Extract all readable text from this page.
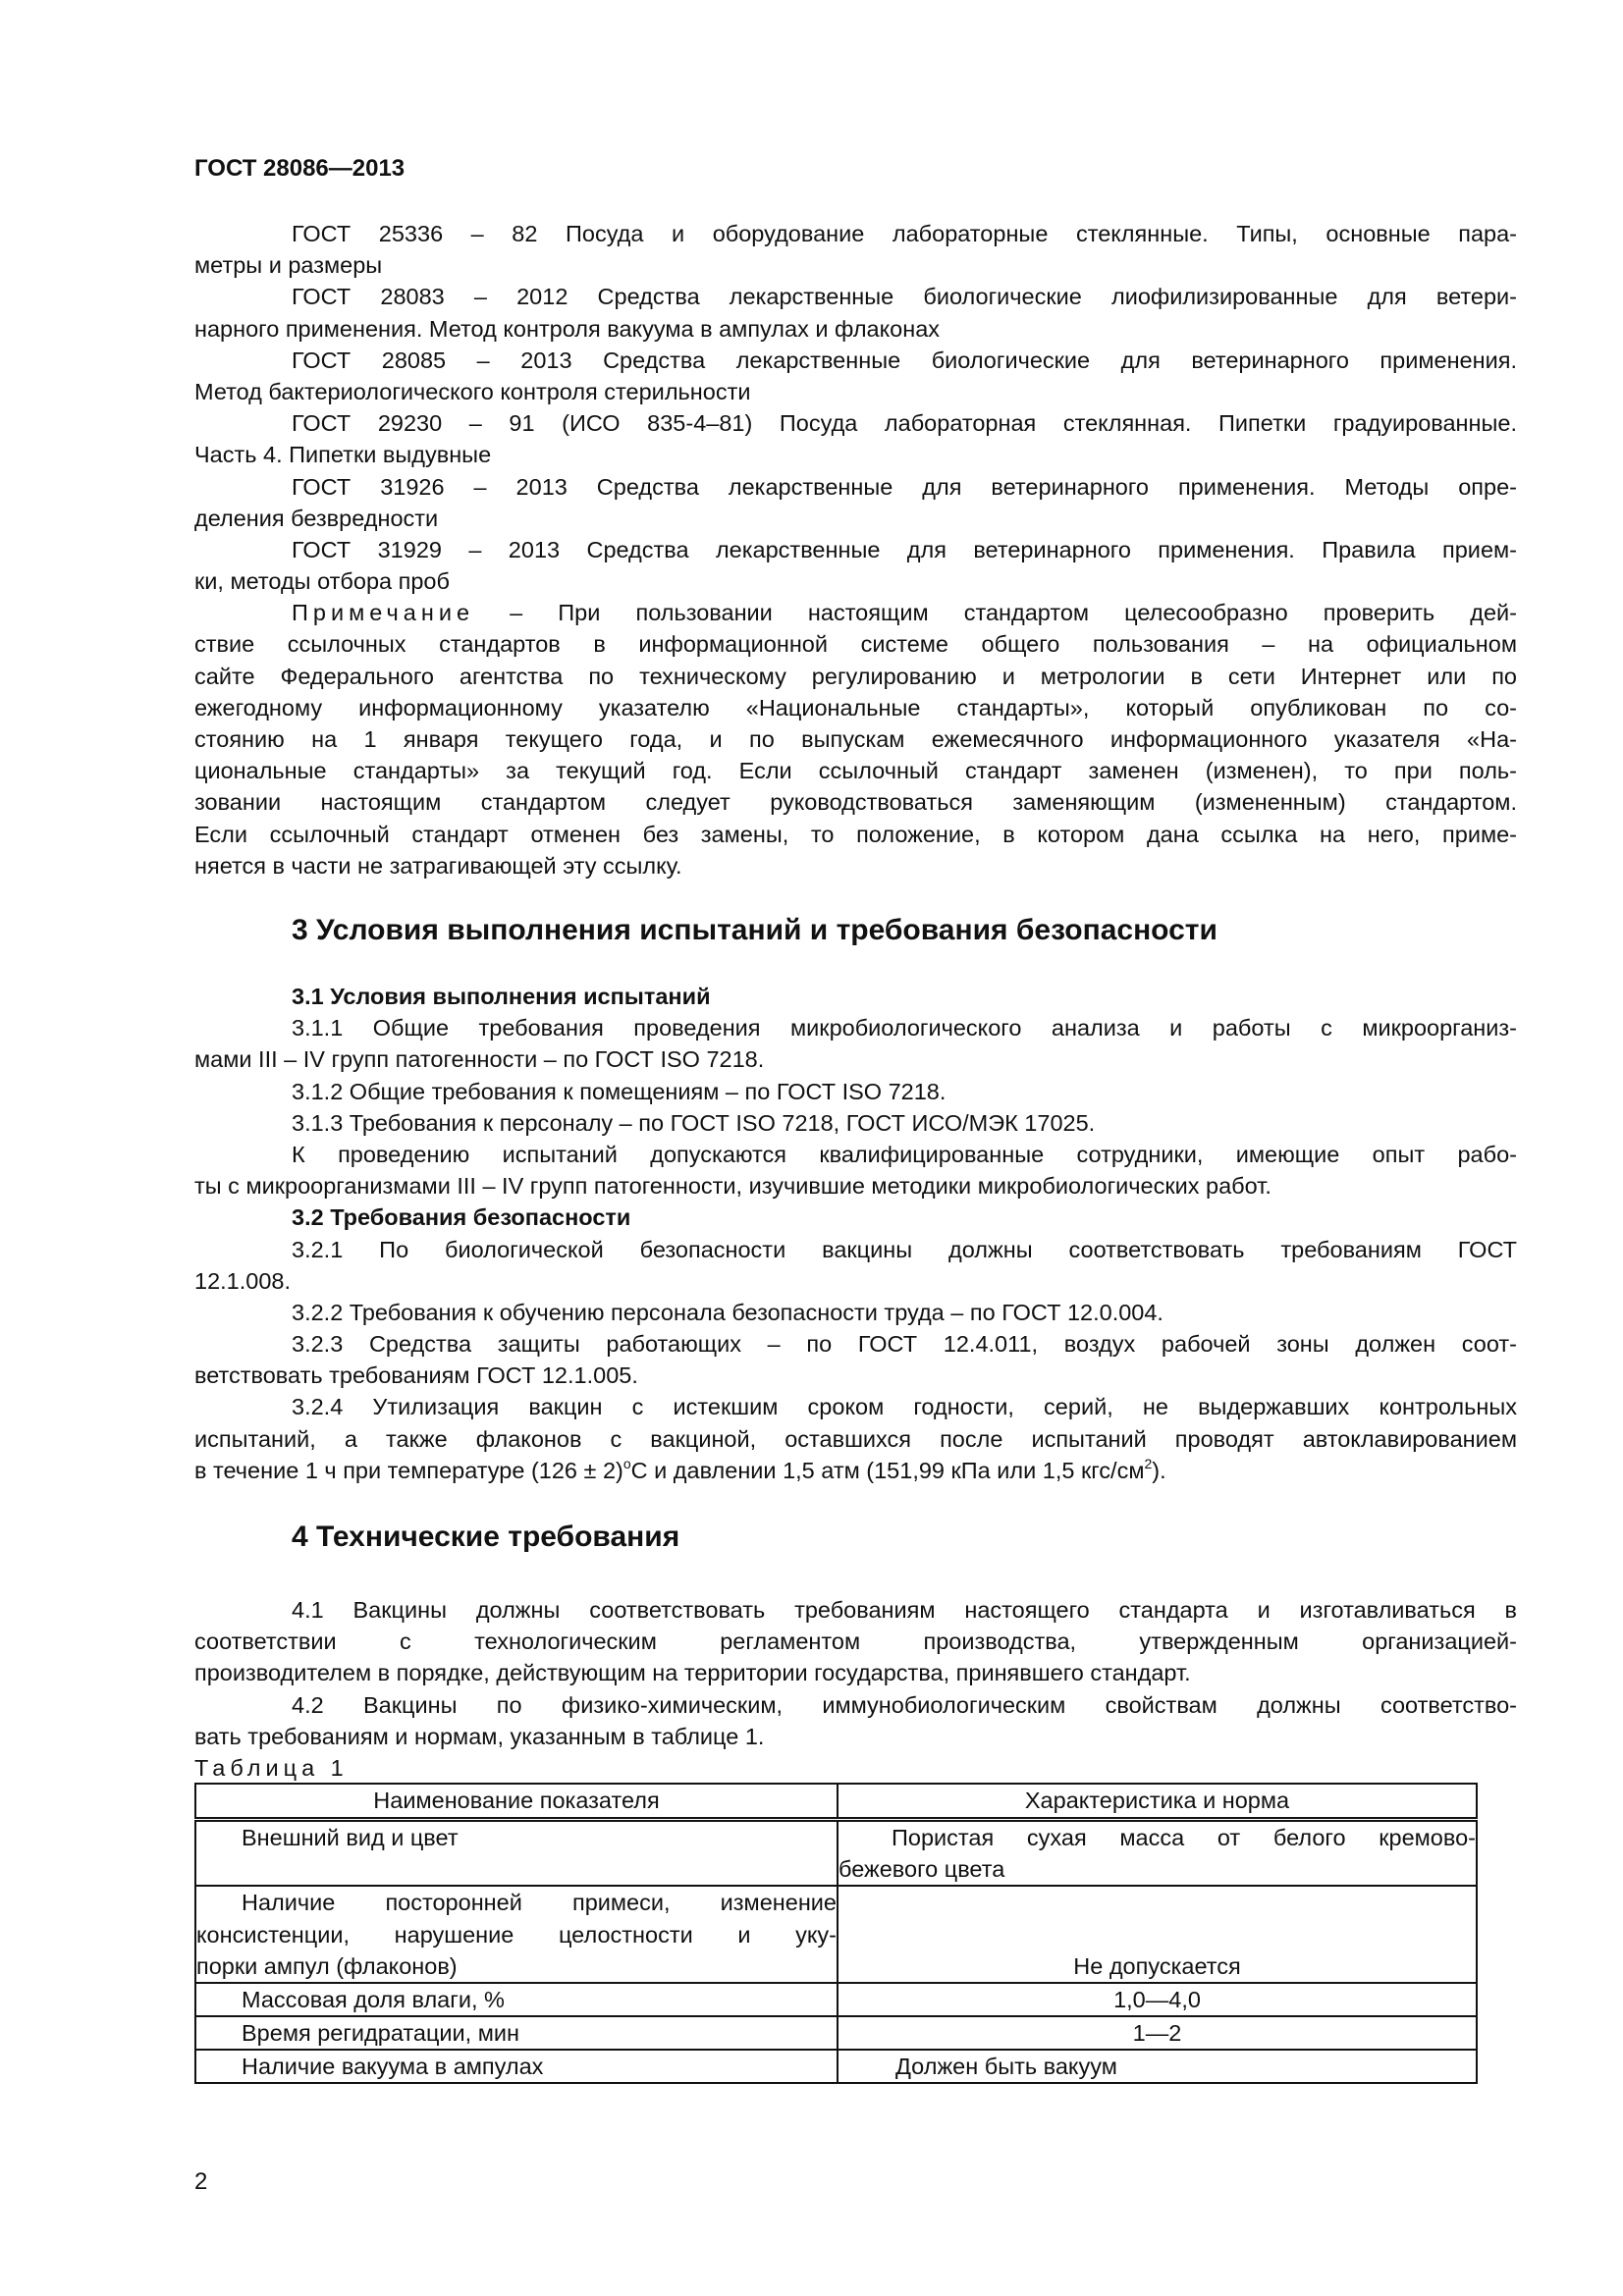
ГОСТ 28086—2013
ГОСТ 25336 – 82 Посуда и оборудование лабораторные стеклянные. Типы, основные пара-
метры и размеры
ГОСТ 28083 – 2012 Средства лекарственные биологические лиофилизированные для ветери-
нарного применения. Метод контроля вакуума в ампулах и флаконах
ГОСТ 28085 – 2013 Средства лекарственные биологические для ветеринарного применения.
Метод бактериологического контроля стерильности
ГОСТ 29230 – 91 (ИСО 835-4–81) Посуда лабораторная стеклянная. Пипетки градуированные.
Часть 4. Пипетки выдувные
ГОСТ 31926 – 2013 Средства лекарственные для ветеринарного применения. Методы опре-
деления безвредности
ГОСТ 31929 – 2013 Средства лекарственные для ветеринарного применения. Правила прием-
ки, методы отбора проб
Примечание – При пользовании настоящим стандартом целесообразно проверить дей-
ствие ссылочных стандартов в информационной системе общего пользования – на официальном
сайте Федерального агентства по техническому регулированию и метрологии в сети Интернет или по
ежегодному информационному указателю «Национальные стандарты», который опубликован по со-
стоянию на 1 января текущего года, и по выпускам ежемесячного информационного указателя «На-
циональные стандарты» за текущий год. Если ссылочный стандарт заменен (изменен), то при поль-
зовании настоящим стандартом следует руководствоваться заменяющим (измененным) стандартом.
Если ссылочный стандарт отменен без замены, то положение, в котором дана ссылка на него, приме-
няется в части не затрагивающей эту ссылку.
3 Условия выполнения испытаний и требования безопасности
3.1 Условия выполнения испытаний
3.1.1 Общие требования проведения микробиологического анализа и работы с микроорганиз-
мами III – IV групп патогенности – по ГОСТ ISO 7218.
3.1.2 Общие требования к помещениям – по ГОСТ ISO 7218.
3.1.3 Требования к персоналу – по ГОСТ ISO 7218, ГОСТ ИСО/МЭК 17025.
К проведению испытаний допускаются квалифицированные сотрудники, имеющие опыт рабо-
ты с микроорганизмами III – IV групп патогенности, изучившие методики микробиологических работ.
3.2 Требования безопасности
3.2.1 По биологической безопасности вакцины должны соответствовать требованиям ГОСТ
12.1.008.
3.2.2 Требования к обучению персонала безопасности труда – по ГОСТ 12.0.004.
3.2.3 Средства защиты работающих – по ГОСТ 12.4.011, воздух рабочей зоны должен соот-
ветствовать требованиям ГОСТ 12.1.005.
3.2.4 Утилизация вакцин с истекшим сроком годности, серий, не выдержавших контрольных
испытаний, а также флаконов с вакциной, оставшихся после испытаний проводят автоклавированием
в течение 1 ч при температуре $(126 \pm 2)^оС$ и давлении 1,5 атм (151,99 кПа или 1,5 кгс/$см^2$).
4 Технические требования
4.1 Вакцины должны соответствовать требованиям настоящего стандарта и изготавливаться в
соответствии с технологическим регламентом производства, утвержденным организацией-
производителем в порядке, действующим на территории государства, принявшего стандарт.
4.2 Вакцины по физико-химическим, иммунобиологическим свойствам должны соответство-
вать требованиям и нормам, указанным в таблице 1.
Таблица 1
Наименование показателя	Характеристика и норма

Внешний вид и цвет	Пористая сухая масса от белого кремово-
бежевого цвета

Наличие посторонней примеси, изменение
консистенции, нарушение целостности и уку-
порки ампул (флаконов)	Не допускается

Массовая доля влаги, %	1,0—4,0

Время регидратации, мин	1—2

Наличие вакуума в ампулах	Должен быть вакуум
2
